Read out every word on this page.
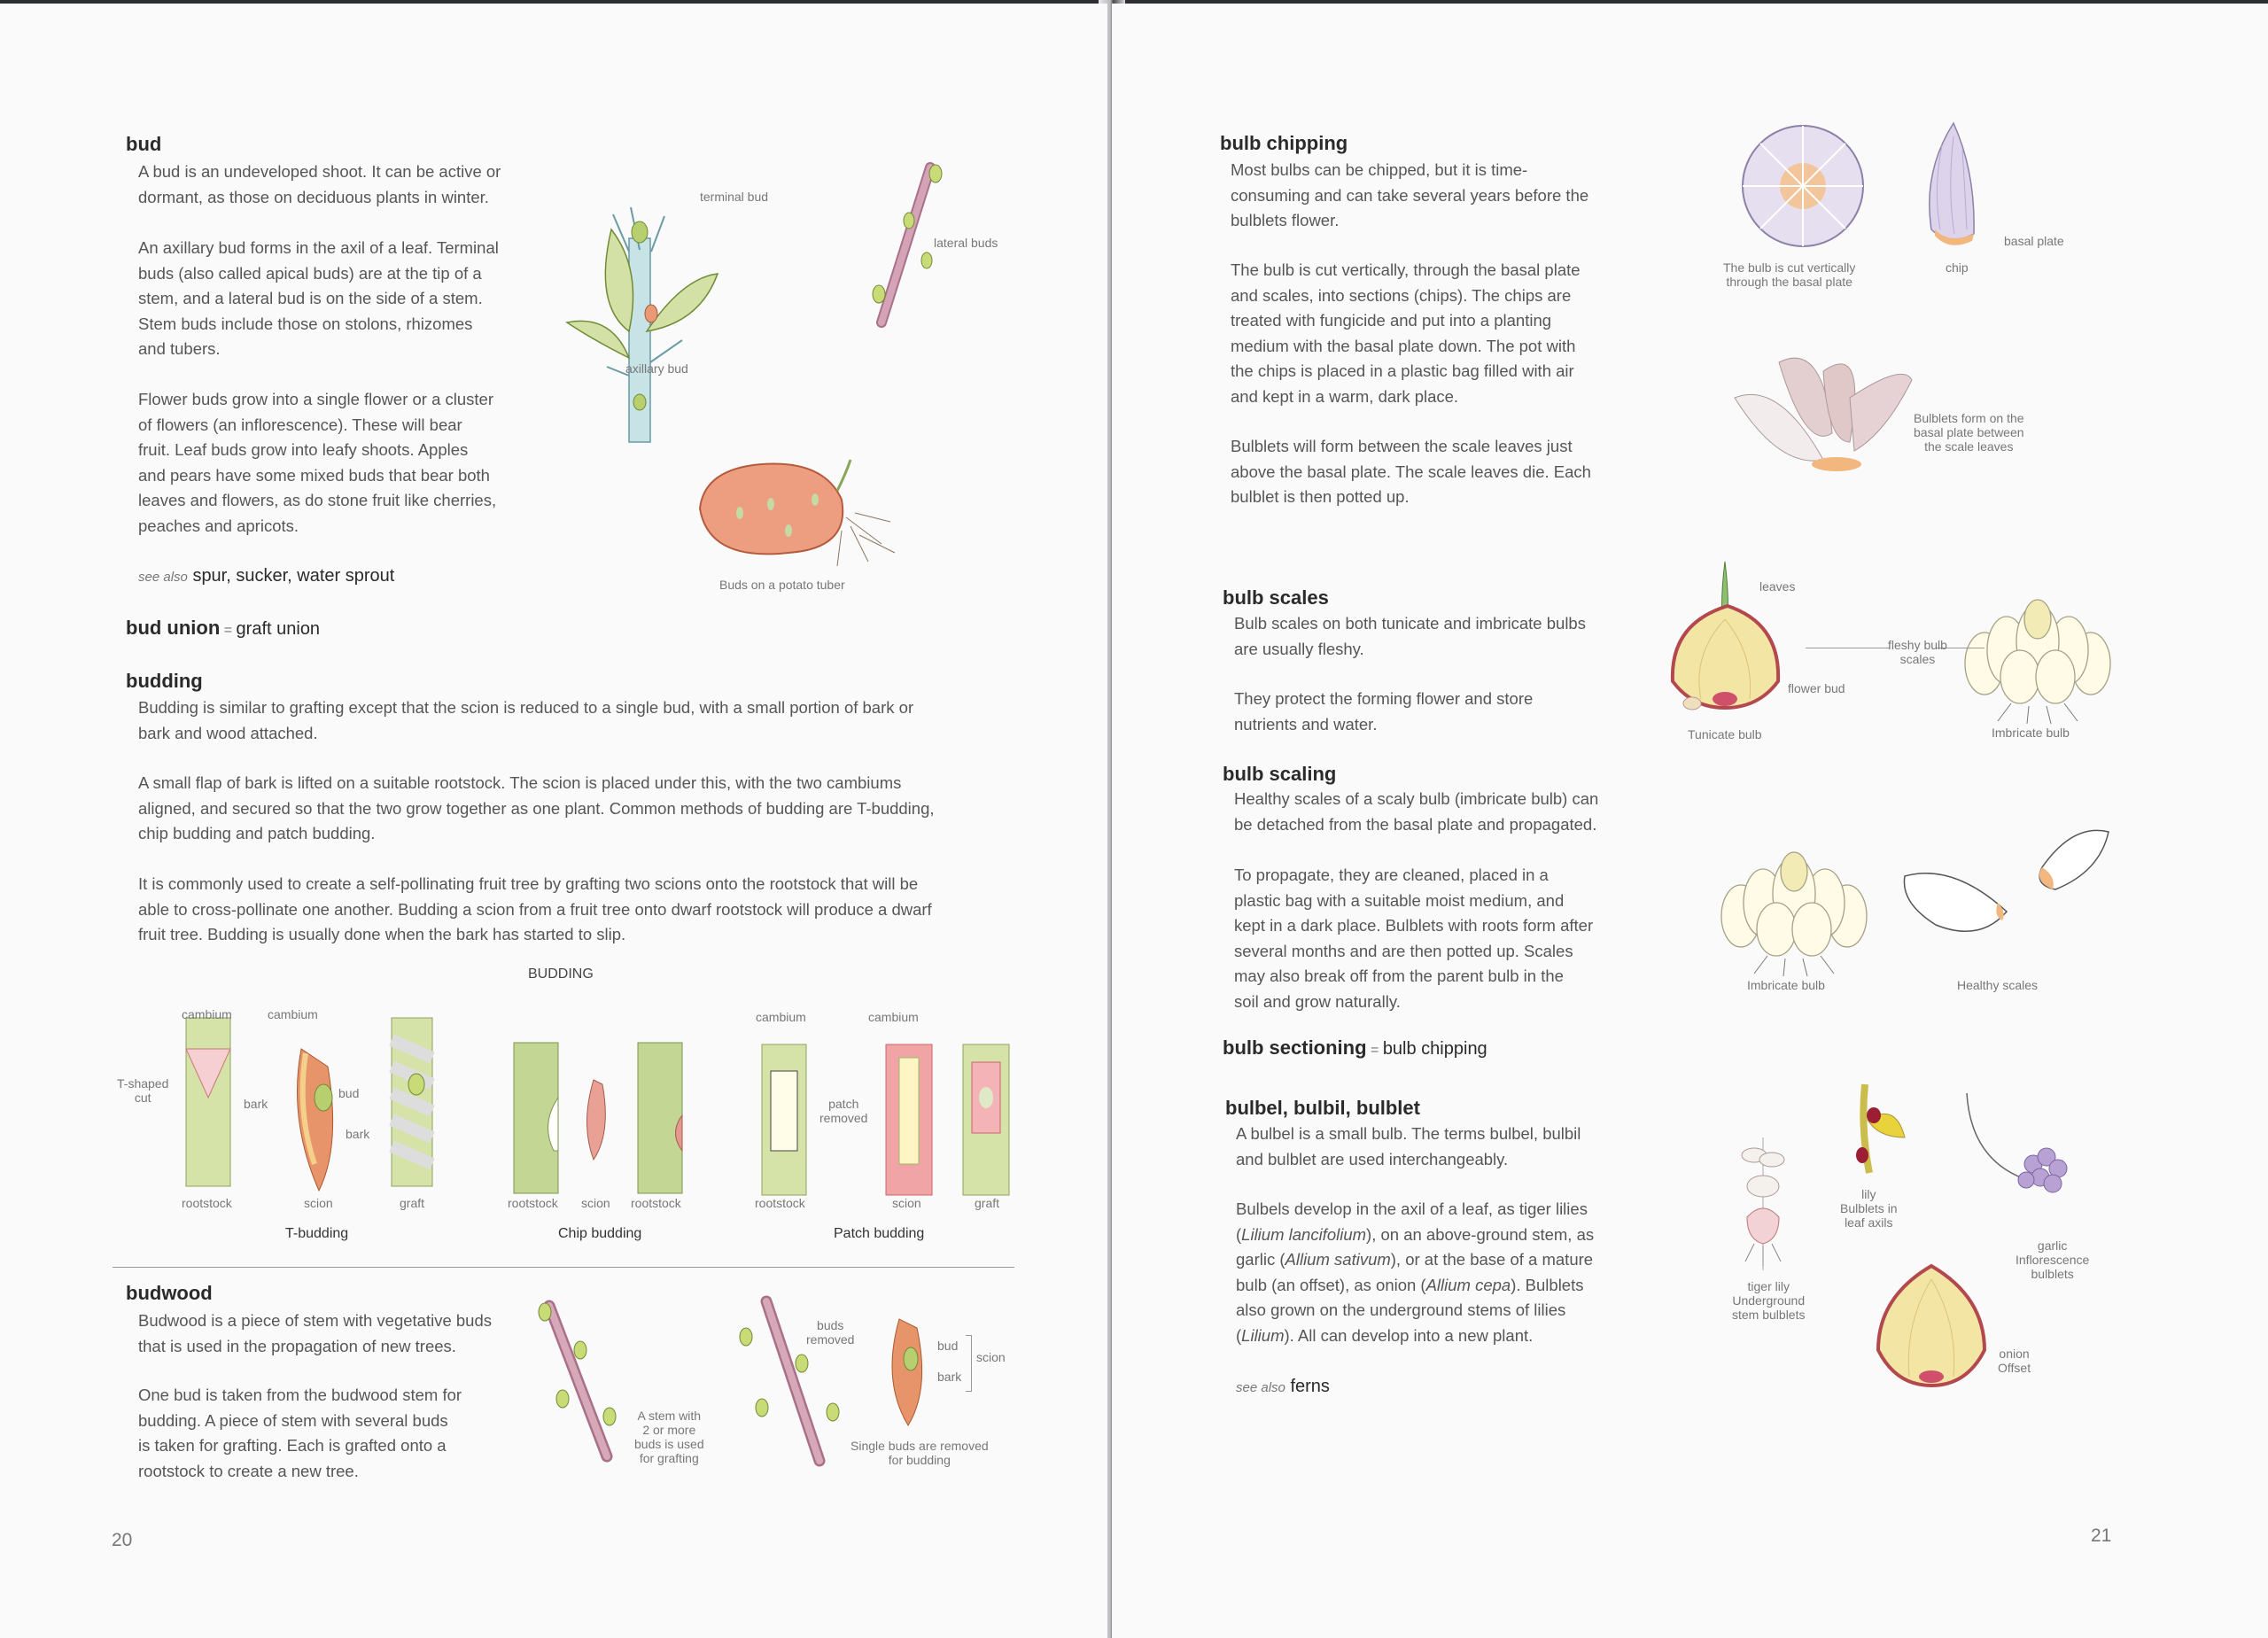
bud
A bud is an undeveloped shoot. It can be active or
dormant, as those on deciduous plants in winter.
An axillary bud forms in the axil of a leaf. Terminal
buds (also called apical buds) are at the tip of a
stem, and a lateral bud is on the side of a stem.
Stem buds include those on stolons, rhizomes
and tubers.
Flower buds grow into a single flower or a cluster
of flowers (an inflorescence). These will bear
fruit. Leaf buds grow into leafy shoots. Apples
and pears have some mixed buds that bear both
leaves and flowers, as do stone fruit like cherries,
peaches and apricots.
see also spur, sucker, water sprout
terminal bud
axillary bud
lateral buds
Buds on a potato tuber
bud union = graft union
budding
Budding is similar to grafting except that the scion is reduced to a single bud, with a small portion of bark or
bark and wood attached.
A small flap of bark is lifted on a suitable rootstock. The scion is placed under this, with the two cambiums
aligned, and secured so that the two grow together as one plant. Common methods of budding are T-budding,
chip budding and patch budding.
It is commonly used to create a self-pollinating fruit tree by grafting two scions onto the rootstock that will be
able to cross-pollinate one another. Budding a scion from a fruit tree onto dwarf rootstock will produce a dwarf
fruit tree. Budding is usually done when the bark has started to slip.
BUDDING
cambium	cambium
T-shaped
cut	bark
bud
bark
rootstock	scion	graft	rootstock scion rootstock
cambium	cambium
patch
removed
rootstock	scion	graft
T-budding	Chip budding	Patch budding
budwood
Budwood is a piece of stem with vegetative buds
that is used in the propagation of new trees.
One bud is taken from the budwood stem for
budding. A piece of stem with several buds
is taken for grafting. Each is grafted onto a
rootstock to create a new tree.
A stem with
2 or more
buds is used
for grafting
buds
removed	bud
bark
scion
Single buds are removed
for budding
20
bulb chipping
Most bulbs can be chipped, but it is time-
consuming and can take several years before the
bulblets flower.
The bulb is cut vertically, through the basal plate
and scales, into sections (chips). The chips are
treated with fungicide and put into a planting
medium with the basal plate down. The pot with
the chips is placed in a plastic bag filled with air
and kept in a warm, dark place.
Bulblets will form between the scale leaves just
above the basal plate. The scale leaves die. Each
bulblet is then potted up.
The bulb is cut vertically
through the basal plate
chip
basal plate
Bulblets form on the
basal plate between
the scale leaves
bulb scales
Bulb scales on both tunicate and imbricate bulbs
are usually fleshy.
They protect the forming flower and store
nutrients and water.
leaves
fleshy bulb
scales
flower bud
Tunicate bulb	Imbricate bulb
bulb scaling
Healthy scales of a scaly bulb (imbricate bulb) can
be detached from the basal plate and propagated.
To propagate, they are cleaned, placed in a
plastic bag with a suitable moist medium, and
kept in a dark place. Bulblets with roots form after
several months and are then potted up. Scales
may also break off from the parent bulb in the
soil and grow naturally.
Imbricate bulb	Healthy scales
bulb sectioning = bulb chipping
bulbel, bulbil, bulblet
A bulbel is a small bulb. The terms bulbel, bulbil
and bulblet are used interchangeably.
Bulbels develop in the axil of a leaf, as tiger lilies
(Lilium lancifolium), on an above-ground stem, as
garlic (Allium sativum), or at the base of a mature
bulb (an offset), as onion (Allium cepa). Bulblets
also grown on the underground stems of lilies
(Lilium). All can develop into a new plant.
see also ferns
lily
Bulblets in
leaf axils
tiger lily
Underground
stem bulblets
garlic
Inflorescence
bulblets
onion
Offset
21
